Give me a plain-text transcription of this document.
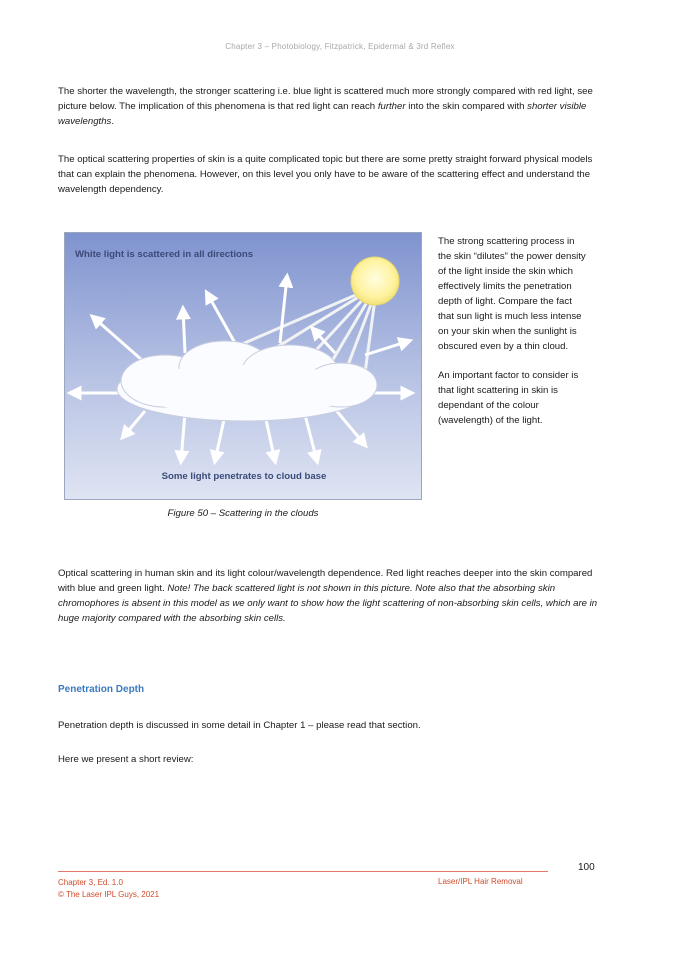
Chapter 3 – Photobiology, Fitzpatrick, Epidermal & 3rd Reflex

The shorter the wavelength, the stronger scattering i.e. blue light is scattered much more strongly compared with red light, see picture below. The implication of this phenomena is that red light can reach further into the skin compared with shorter visible wavelengths.

The optical scattering properties of skin is a quite complicated topic but there are some pretty straight forward physical models that can explain the phenomena. However, on this level you only have to be aware of the scattering effect and understand the wavelength dependency.

White light is scattered in all directions
Some light penetrates to cloud base
Figure 50 – Scattering in the clouds

The strong scattering process in the skin “dilutes” the power density of the light inside the skin which effectively limits the penetration depth of light. Compare the fact that sun light is much less intense on your skin when the sunlight is obscured even by a thin cloud.

An important factor to consider is that light scattering in skin is dependant of the colour (wavelength) of the light.

Optical scattering in human skin and its light colour/wavelength dependence. Red light reaches deeper into the skin compared with blue and green light. Note! The back scattered light is not shown in this picture. Note also that the absorbing skin chromophores is absent in this model as we only want to show how the light scattering of non-absorbing skin cells, which are in huge majority compared with the absorbing skin cells.

Penetration Depth

Penetration depth is discussed in some detail in Chapter 1 – please read that section.

Here we present a short review:

100
Chapter 3, Ed. 1.0
© The Laser IPL Guys, 2021
Laser/IPL Hair Removal
